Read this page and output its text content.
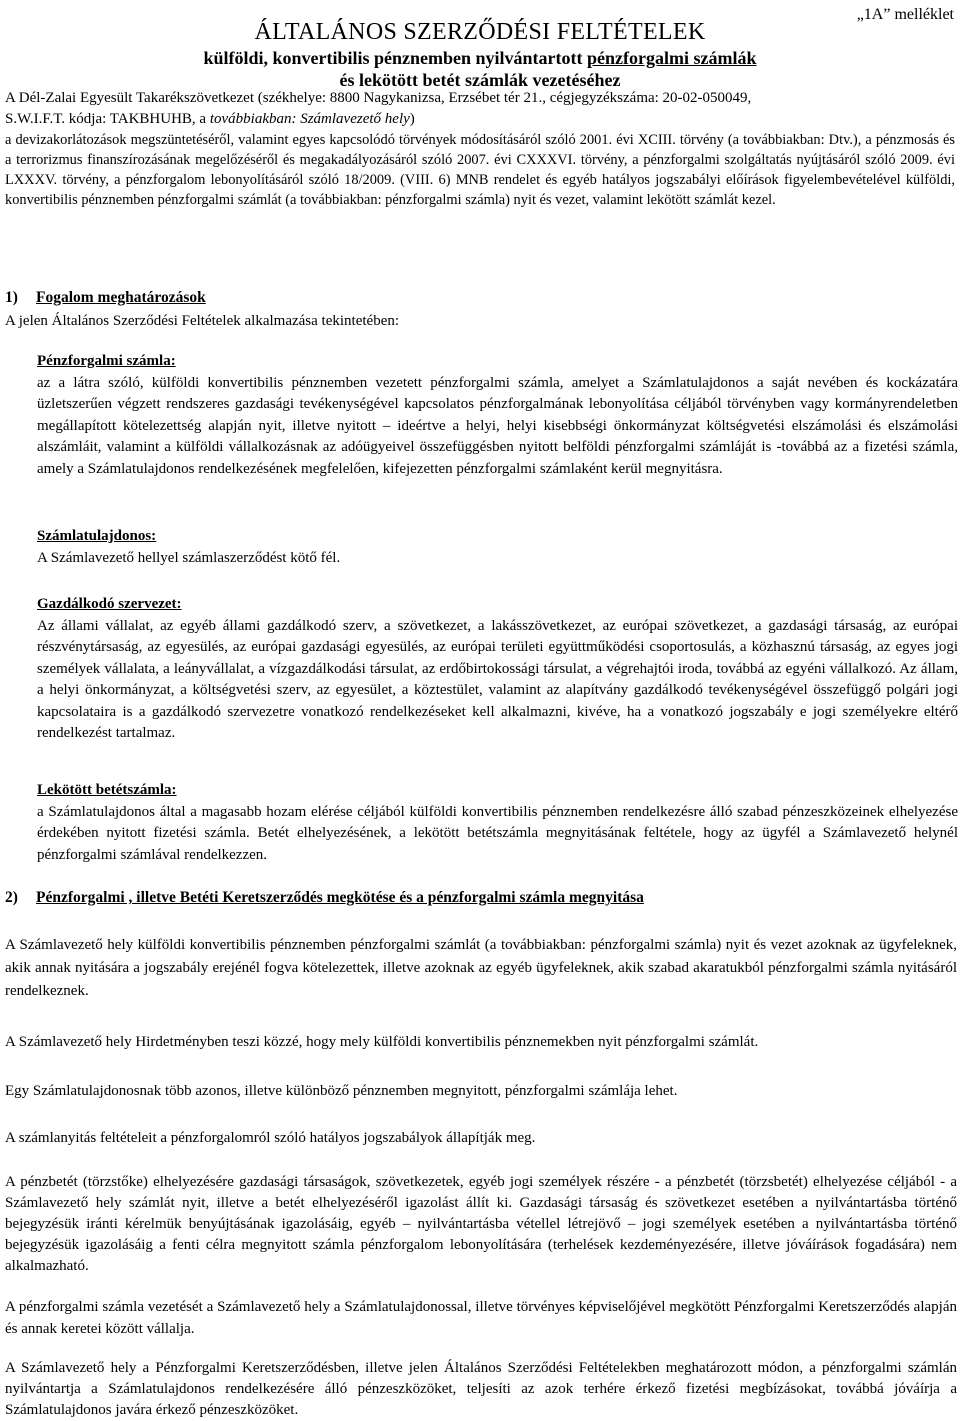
„1A” melléklet
ÁLTALÁNOS SZERZŐDÉSI FELTÉTELEK
külföldi, konvertibilis pénznemben nyilvántartott pénzforgalmi számlák
és lekötött betét számlák vezetéséhez

A Dél-Zalai Egyesült Takarékszövetkezet (székhelye: 8800 Nagykanizsa, Erzsébet tér 21., cégjegyzékszáma: 20-02-050049,

S.W.I.F.T. kódja: TAKBHUHB, a továbbiakban: Számlavezető hely)

a devizakorlátozások megszüntetéséről, valamint egyes kapcsolódó törvények módosításáról szóló 2001. évi XCIII. törvény (a továbbiakban: Dtv.), a pénzmosás és a terrorizmus finanszírozásának megelőzéséről és megakadályozásáról szóló 2007. évi CXXXVI. törvény, a pénzforgalmi szolgáltatás nyújtásáról szóló 2009. évi LXXXV. törvény, a pénzforgalom lebonyolításáról szóló 18/2009. (VIII. 6) MNB rendelet és egyéb hatályos jogszabályi előírások figyelembevételével külföldi, konvertibilis pénznemben pénzforgalmi számlát (a továbbiakban: pénzforgalmi számla) nyit és vezet, valamint lekötött számlát kezel.

1) Fogalom meghatározások

A jelen Általános Szerződési Feltételek alkalmazása tekintetében:

Pénzforgalmi számla:

az a látra szóló, külföldi konvertibilis pénznemben vezetett pénzforgalmi számla, amelyet a Számlatulajdonos a saját nevében és kockázatára üzletszerűen végzett rendszeres gazdasági tevékenységével kapcsolatos pénzforgalmának lebonyolítása céljából törvényben vagy kormányrendeletben megállapított kötelezettség alapján nyit, illetve nyitott – ideértve a helyi, helyi kisebbségi önkormányzat költségvetési elszámolási és elszámolási alszámláit, valamint a külföldi vállalkozásnak az adóügyeivel összefüggésben nyitott belföldi pénzforgalmi számláját is -továbbá az a fizetési számla, amely a Számlatulajdonos rendelkezésének megfelelően, kifejezetten pénzforgalmi számlaként kerül megnyitásra.

Számlatulajdonos:

A Számlavezető hellyel számlaszerződést kötő fél.

Gazdálkodó szervezet:

Az állami vállalat, az egyéb állami gazdálkodó szerv, a szövetkezet, a lakásszövetkezet, az európai szövetkezet, a gazdasági társaság, az európai részvénytársaság, az egyesülés, az európai gazdasági egyesülés, az európai területi együttműködési csoportosulás, a közhasznú társaság, az egyes jogi személyek vállalata, a leányvállalat, a vízgazdálkodási társulat, az erdőbirtokossági társulat, a végrehajtói iroda, továbbá az egyéni vállalkozó. Az állam, a helyi önkormányzat, a költségvetési szerv, az egyesület, a köztestület, valamint az alapítvány gazdálkodó tevékenységével összefüggő polgári jogi kapcsolataira is a gazdálkodó szervezetre vonatkozó rendelkezéseket kell alkalmazni, kivéve, ha a vonatkozó jogszabály e jogi személyekre eltérő rendelkezést tartalmaz.

Lekötött betétszámla:

a Számlatulajdonos által a magasabb hozam elérése céljából külföldi konvertibilis pénznemben rendelkezésre álló szabad pénzeszközeinek elhelyezése érdekében nyitott fizetési számla. Betét elhelyezésének, a lekötött betétszámla megnyitásának feltétele, hogy az ügyfél a Számlavezető helynél pénzforgalmi számlával rendelkezzen.

2) Pénzforgalmi , illetve Betéti Keretszerződés megkötése és a pénzforgalmi számla megnyitása

A Számlavezető hely külföldi konvertibilis pénznemben pénzforgalmi számlát (a továbbiakban: pénzforgalmi számla) nyit és vezet azoknak az ügyfeleknek, akik annak nyitására a jogszabály erejénél fogva kötelezettek, illetve azoknak az egyéb ügyfeleknek, akik szabad akaratukból pénzforgalmi számla nyitásáról rendelkeznek.

A Számlavezető hely Hirdetményben teszi közzé, hogy mely külföldi konvertibilis pénznemekben nyit pénzforgalmi számlát.

Egy Számlatulajdonosnak több azonos, illetve különböző pénznemben megnyitott, pénzforgalmi számlája lehet.

A számlanyitás feltételeit a pénzforgalomról szóló hatályos jogszabályok állapítják meg.

A pénzbetét (törzstőke) elhelyezésére gazdasági társaságok, szövetkezetek, egyéb jogi személyek részére - a pénzbetét (törzsbetét) elhelyezése céljából - a Számlavezető hely számlát nyit, illetve a betét elhelyezéséről igazolást állít ki. Gazdasági társaság és szövetkezet esetében a nyilvántartásba történő bejegyzésük iránti kérelmük benyújtásának igazolásáig, egyéb – nyilvántartásba vétellel létrejövő – jogi személyek esetében a nyilvántartásba történő bejegyzésük igazolásáig a fenti célra megnyitott számla pénzforgalom lebonyolítására (terhelések kezdeményezésére, illetve jóváírások fogadására) nem alkalmazható.

A pénzforgalmi számla vezetését a Számlavezető hely a Számlatulajdonossal, illetve törvényes képviselőjével megkötött Pénzforgalmi Keretszerződés alapján és annak keretei között vállalja.

A Számlavezető hely a Pénzforgalmi Keretszerződésben, illetve jelen Általános Szerződési Feltételekben meghatározott módon, a pénzforgalmi számlán nyilvántartja a Számlatulajdonos rendelkezésére álló pénzeszközöket, teljesíti az azok terhére érkező fizetési megbízásokat, továbbá jóváírja a Számlatulajdonos javára érkező pénzeszközöket.
